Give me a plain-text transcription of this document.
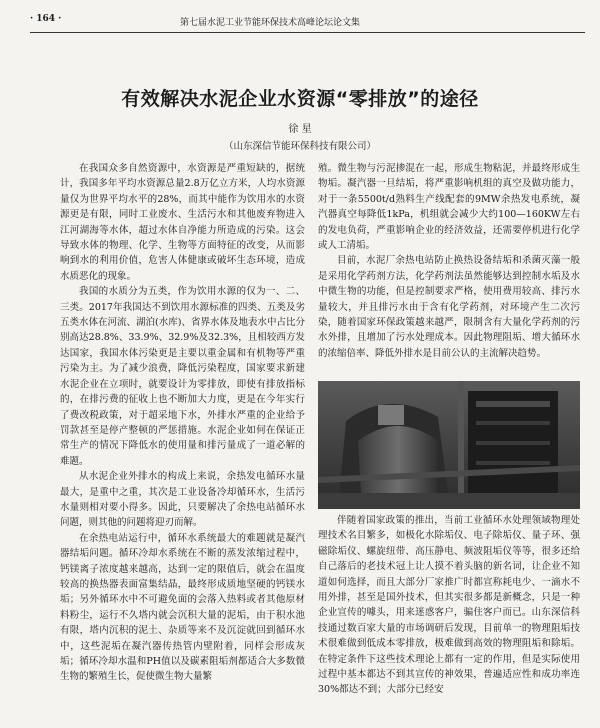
· 164 ·	第七届水泥工业节能环保技术高峰论坛论文集
有效解决水泥企业水资源“零排放”的途径
徐 星
（山东深信节能环保科技有限公司）

在我国众多自然资源中，水资源是严重短缺的，据统计，我国多年平均水资源总量2.8万亿立方米，人均水资源量仅为世界平均水平的28%，而其中能作为饮用水的水资源更是有限，同时工业废水、生活污水和其他废弃物进入江河湖海等水体，超过水体自净能力所造成的污染。这会导致水体的物理、化学、生物等方面特征的改变，从而影响到水的利用价值，危害人体健康或破坏生态环境，造成水质恶化的现象。

我国的水质分为五类，作为饮用水源的仅为一、二、三类。2017年我国达不到饮用水源标准的四类、五类及劣五类水体在河流、湖泊(水库)、省界水体及地表水中占比分别高达28.8%、33.9%、32.9%及32.3%，且相较西方发达国家，我国水体污染更是主要以重金属和有机物等严重污染为主。为了减少浪费，降低污染程度，国家要求新建水泥企业在立项时，就要设计为零排放，即使有排放指标的，在排污费的征收上也不断加大力度，更是在今年实行了费改税政策，对于超采地下水，外排水严重的企业给予罚款甚至是停产整顿的严惩措施。水泥企业如何在保证正常生产的情况下降低水的使用量和排污量成了一道必解的难题。

从水泥企业外排水的构成上来说，余热发电循环水量最大，是重中之重，其次是工业设备冷却循环水，生活污水量则相对要小得多。因此，只要解决了余热电站循环水问题，则其他的问题将迎刃而解。

在余热电站运行中，循环水系统最大的难题就是凝汽器结垢问题。循环冷却水系统在不断的蒸发浓缩过程中，钙镁离子浓度越来越高，达到一定的限值后，就会在温度较高的换热器表面富集结晶，最终形成质地坚硬的钙镁水垢；另外循环水中不可避免面的会落入热料或者其他原材料粉尘，运行不久塔内就会沉积大量的泥垢，由于积水池有限，塔内沉积的泥土、杂质等来不及沉淀就回到循环水中，这些泥垢在凝汽器传热管内壁附着，同样会形成灰垢；循环冷却水温和PH值以及碳素阻垢剂都适合大多数微生物的繁殖生长，促使微生物大量繁

殖。微生物与污泥掺混在一起，形成生物粘泥，并最终形成生物垢。凝汽器一旦结垢，将严重影响机组的真空及做功能力，对于一条5500t/d熟料生产线配套的9MW余热发电系统，凝汽器真空每降低1kPa，机组就会减少大约100—160KW左右的发电负荷，严重影响企业的经济效益，还需要停机进行化学或人工清垢。

目前，水泥厂余热电站防止换热设备结垢和杀菌灭藻一般是采用化学药剂方法，化学药剂法虽然能够达到控制水垢及水中微生物的功能，但是控制要求严格，使用费用较高、排污水量较大，并且排污水由于含有化学药剂，对环境产生二次污染，随着国家环保政策越来越严，限制含有大量化学药剂的污水外排，且增加了污水处理成本。因此物理阻垢、增大循环水的浓缩倍率、降低外排水是目前公认的主流解决趋势。

伴随着国家政策的推出，当前工业循环水处理领域物理处理技术名目繁多，如极化水除垢仪、电子除垢仪、量子环、强磁除垢仪、螺旋纽带、高压静电、频波阻垢仪等等，很多还给自己落后的老技术冠上让人摸不着头脑的新名词，让企业不知道如何选择，而且大部分厂家推广时都宣称耗电少、一滴水不用外排，甚至是国外技术，但其实很多都是新概念，只是一种企业宣传的噱头，用来迷惑客户，骗住客户而已。山东深信科技通过数百家大量的市场调研后发现，目前单一的物理阻垢技术很难做到低成本零排放，极难做到高效的物理阻垢和除垢。在特定条件下这些技术理论上都有一定的作用，但是实际使用过程中基本都达不到其宣传的神效果，普遍适应性和成功率连30%都达不到；大部分已经安
